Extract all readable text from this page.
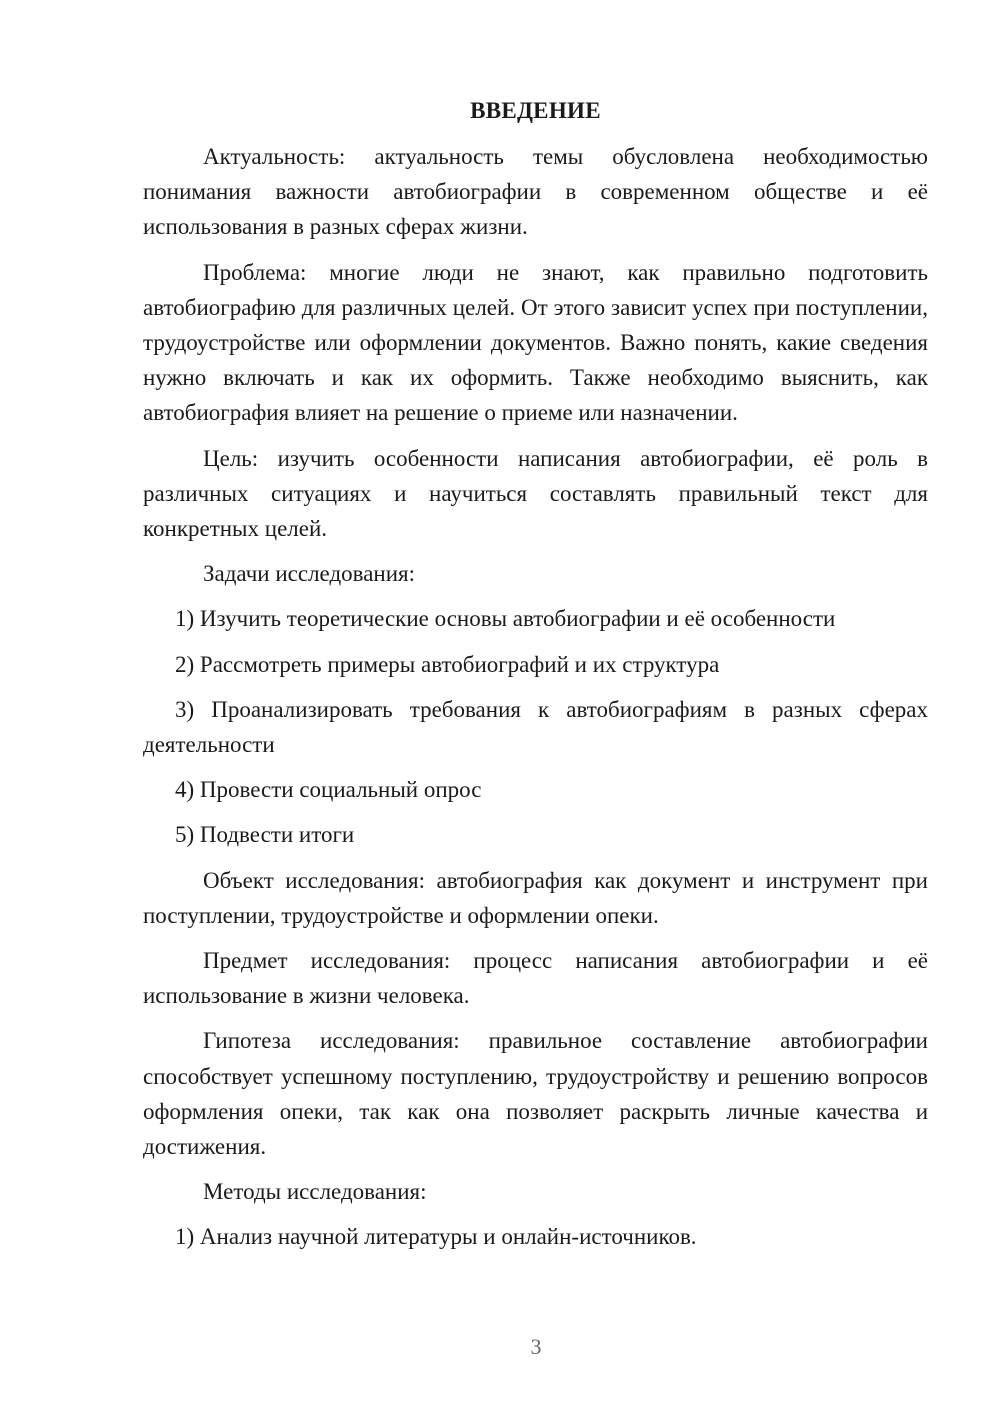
ВВЕДЕНИЕ

Актуальность: актуальность темы обусловлена необходимостью понимания важности автобиографии в современном обществе и её использования в разных сферах жизни.

Проблема: многие люди не знают, как правильно подготовить автобиографию для различных целей. От этого зависит успех при поступлении, трудоустройстве или оформлении документов. Важно понять, какие сведения нужно включать и как их оформить. Также необходимо выяснить, как автобиография влияет на решение о приеме или назначении.

Цель: изучить особенности написания автобиографии, её роль в различных ситуациях и научиться составлять правильный текст для конкретных целей.

Задачи исследования:

1) Изучить теоретические основы автобиографии и её особенности

2) Рассмотреть примеры автобиографий и их структура

3) Проанализировать требования к автобиографиям в разных сферах деятельности

4) Провести социальный опрос

5) Подвести итоги

Объект исследования: автобиография как документ и инструмент при поступлении, трудоустройстве и оформлении опеки.

Предмет исследования: процесс написания автобиографии и её использование в жизни человека.

Гипотеза исследования: правильное составление автобиографии способствует успешному поступлению, трудоустройству и решению вопросов оформления опеки, так как она позволяет раскрыть личные качества и достижения.

Методы исследования:

1) Анализ научной литературы и онлайн-источников.

3
